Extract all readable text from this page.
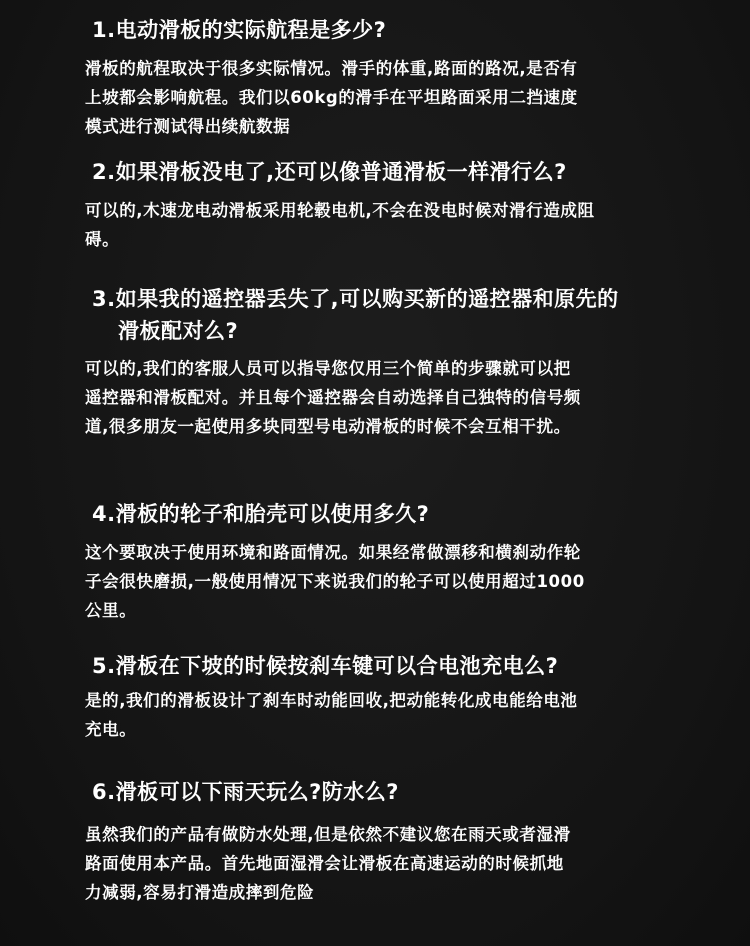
1.电动滑板的实际航程是多少?
滑板的航程取决于很多实际情况。滑手的体重,路面的路况,是否有
上坡都会影响航程。我们以60kg的滑手在平坦路面采用二挡速度
模式进行测试得出续航数据
2.如果滑板没电了,还可以像普通滑板一样滑行么?
可以的,木速龙电动滑板采用轮毂电机,不会在没电时候对滑行造成阻
碍。
3.如果我的遥控器丢失了,可以购买新的遥控器和原先的
滑板配对么?
可以的,我们的客服人员可以指导您仅用三个简单的步骤就可以把
遥控器和滑板配对。并且每个遥控器会自动选择自己独特的信号频
道,很多朋友一起使用多块同型号电动滑板的时候不会互相干扰。
4.滑板的轮子和胎壳可以使用多久?
这个要取决于使用环境和路面情况。如果经常做漂移和横刹动作轮
子会很快磨损,一般使用情况下来说我们的轮子可以使用超过1000
公里。
5.滑板在下坡的时候按刹车键可以合电池充电么?
是的,我们的滑板设计了刹车时动能回收,把动能转化成电能给电池
充电。
6.滑板可以下雨天玩么?防水么?
虽然我们的产品有做防水处理,但是依然不建议您在雨天或者湿滑
路面使用本产品。首先地面湿滑会让滑板在高速运动的时候抓地
力减弱,容易打滑造成摔到危险
